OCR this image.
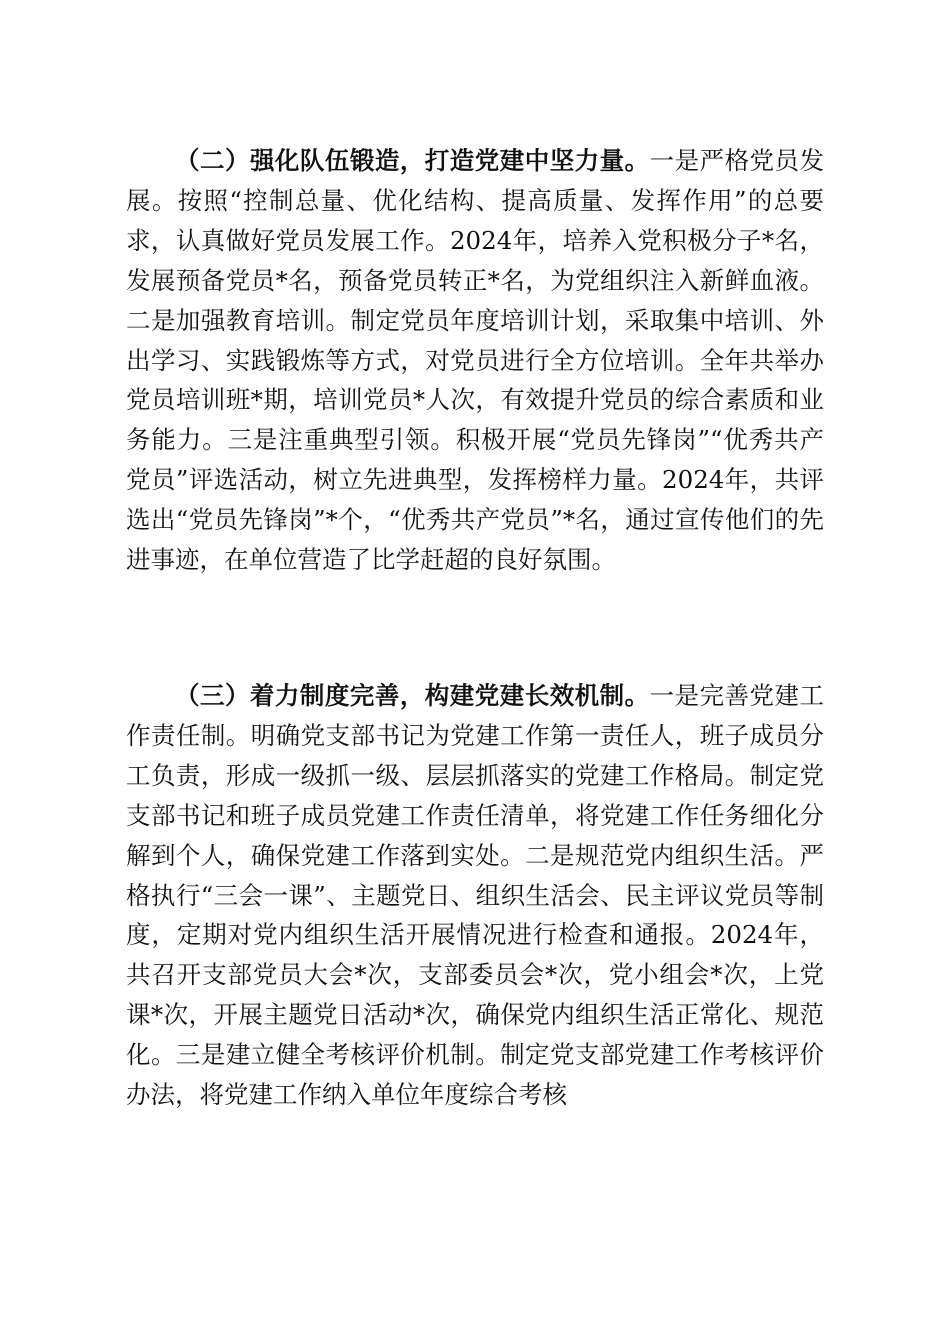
（二）强化队伍锻造，打造党建中坚力量。一是严格党员发展。按照“控制总量、优化结构、提高质量、发挥作用”的总要求，认真做好党员发展工作。2024年，培养入党积极分子*名，发展预备党员*名，预备党员转正*名，为党组织注入新鲜血液。二是加强教育培训。制定党员年度培训计划，采取集中培训、外出学习、实践锻炼等方式，对党员进行全方位培训。全年共举办党员培训班*期，培训党员*人次，有效提升党员的综合素质和业务能力。三是注重典型引领。积极开展“党员先锋岗”“优秀共产党员”评选活动，树立先进典型，发挥榜样力量。2024年，共评选出“党员先锋岗”*个，“优秀共产党员”*名，通过宣传他们的先进事迹，在单位营造了比学赶超的良好氛围。

（三）着力制度完善，构建党建长效机制。一是完善党建工作责任制。明确党支部书记为党建工作第一责任人，班子成员分工负责，形成一级抓一级、层层抓落实的党建工作格局。制定党支部书记和班子成员党建工作责任清单，将党建工作任务细化分解到个人，确保党建工作落到实处。二是规范党内组织生活。严格执行“三会一课”、主题党日、组织生活会、民主评议党员等制度，定期对党内组织生活开展情况进行检查和通报。2024年，共召开支部党员大会*次，支部委员会*次，党小组会*次，上党课*次，开展主题党日活动*次，确保党内组织生活正常化、规范化。三是建立健全考核评价机制。制定党支部党建工作考核评价办法，将党建工作纳入单位年度综合考核
